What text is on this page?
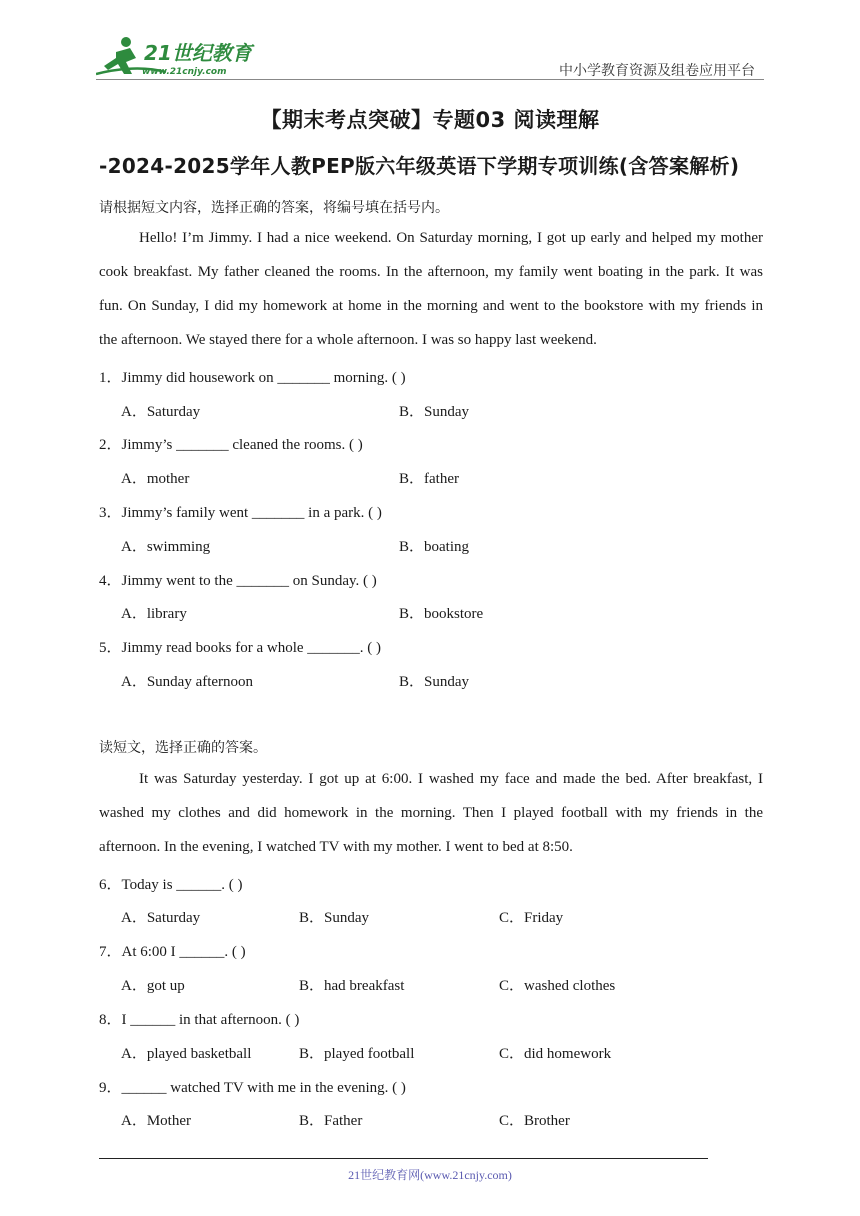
21世纪教育
www.21cnjy.com	中小学教育资源及组卷应用平台
【期末考点突破】专题03 阅读理解
-2024-2025学年人教PEP版六年级英语下学期专项训练(含答案解析)
请根据短文内容，选择正确的答案，将编号填在括号内。
Hello! I’m Jimmy. I had a nice weekend. On Saturday morning, I got up early and helped my mother
cook breakfast. My father cleaned the rooms. In the afternoon, my family went boating in the park. It was
fun. On Sunday, I did my homework at home in the morning and went to the bookstore with my friends in
the afternoon. We stayed there for a whole afternoon. I was so happy last weekend.
1．Jimmy did housework on _______ morning. ( )
A．Saturday	B．Sunday
2．Jimmy’s _______ cleaned the rooms. ( )
A．mother	B．father
3．Jimmy’s family went _______ in a park. ( )
A．swimming	B．boating
4．Jimmy went to the _______ on Sunday. ( )
A．library	B．bookstore
5．Jimmy read books for a whole _______. ( )
A．Sunday afternoon	B．Sunday
读短文，选择正确的答案。
It was Saturday yesterday. I got up at 6:00. I washed my face and made the bed. After breakfast, I
washed my clothes and did homework in the morning. Then I played football with my friends in the
afternoon. In the evening, I watched TV with my mother. I went to bed at 8:50.
6．Today is ______. ( )
A．Saturday	B．Sunday	C．Friday
7．At 6:00 I ______. ( )
A．got up	B．had breakfast	C．washed clothes
8．I ______ in that afternoon. ( )
A．played basketball	B．played football	C．did homework
9．______ watched TV with me in the evening. ( )
A．Mother	B．Father	C．Brother
21世纪教育网(www.21cnjy.com)
